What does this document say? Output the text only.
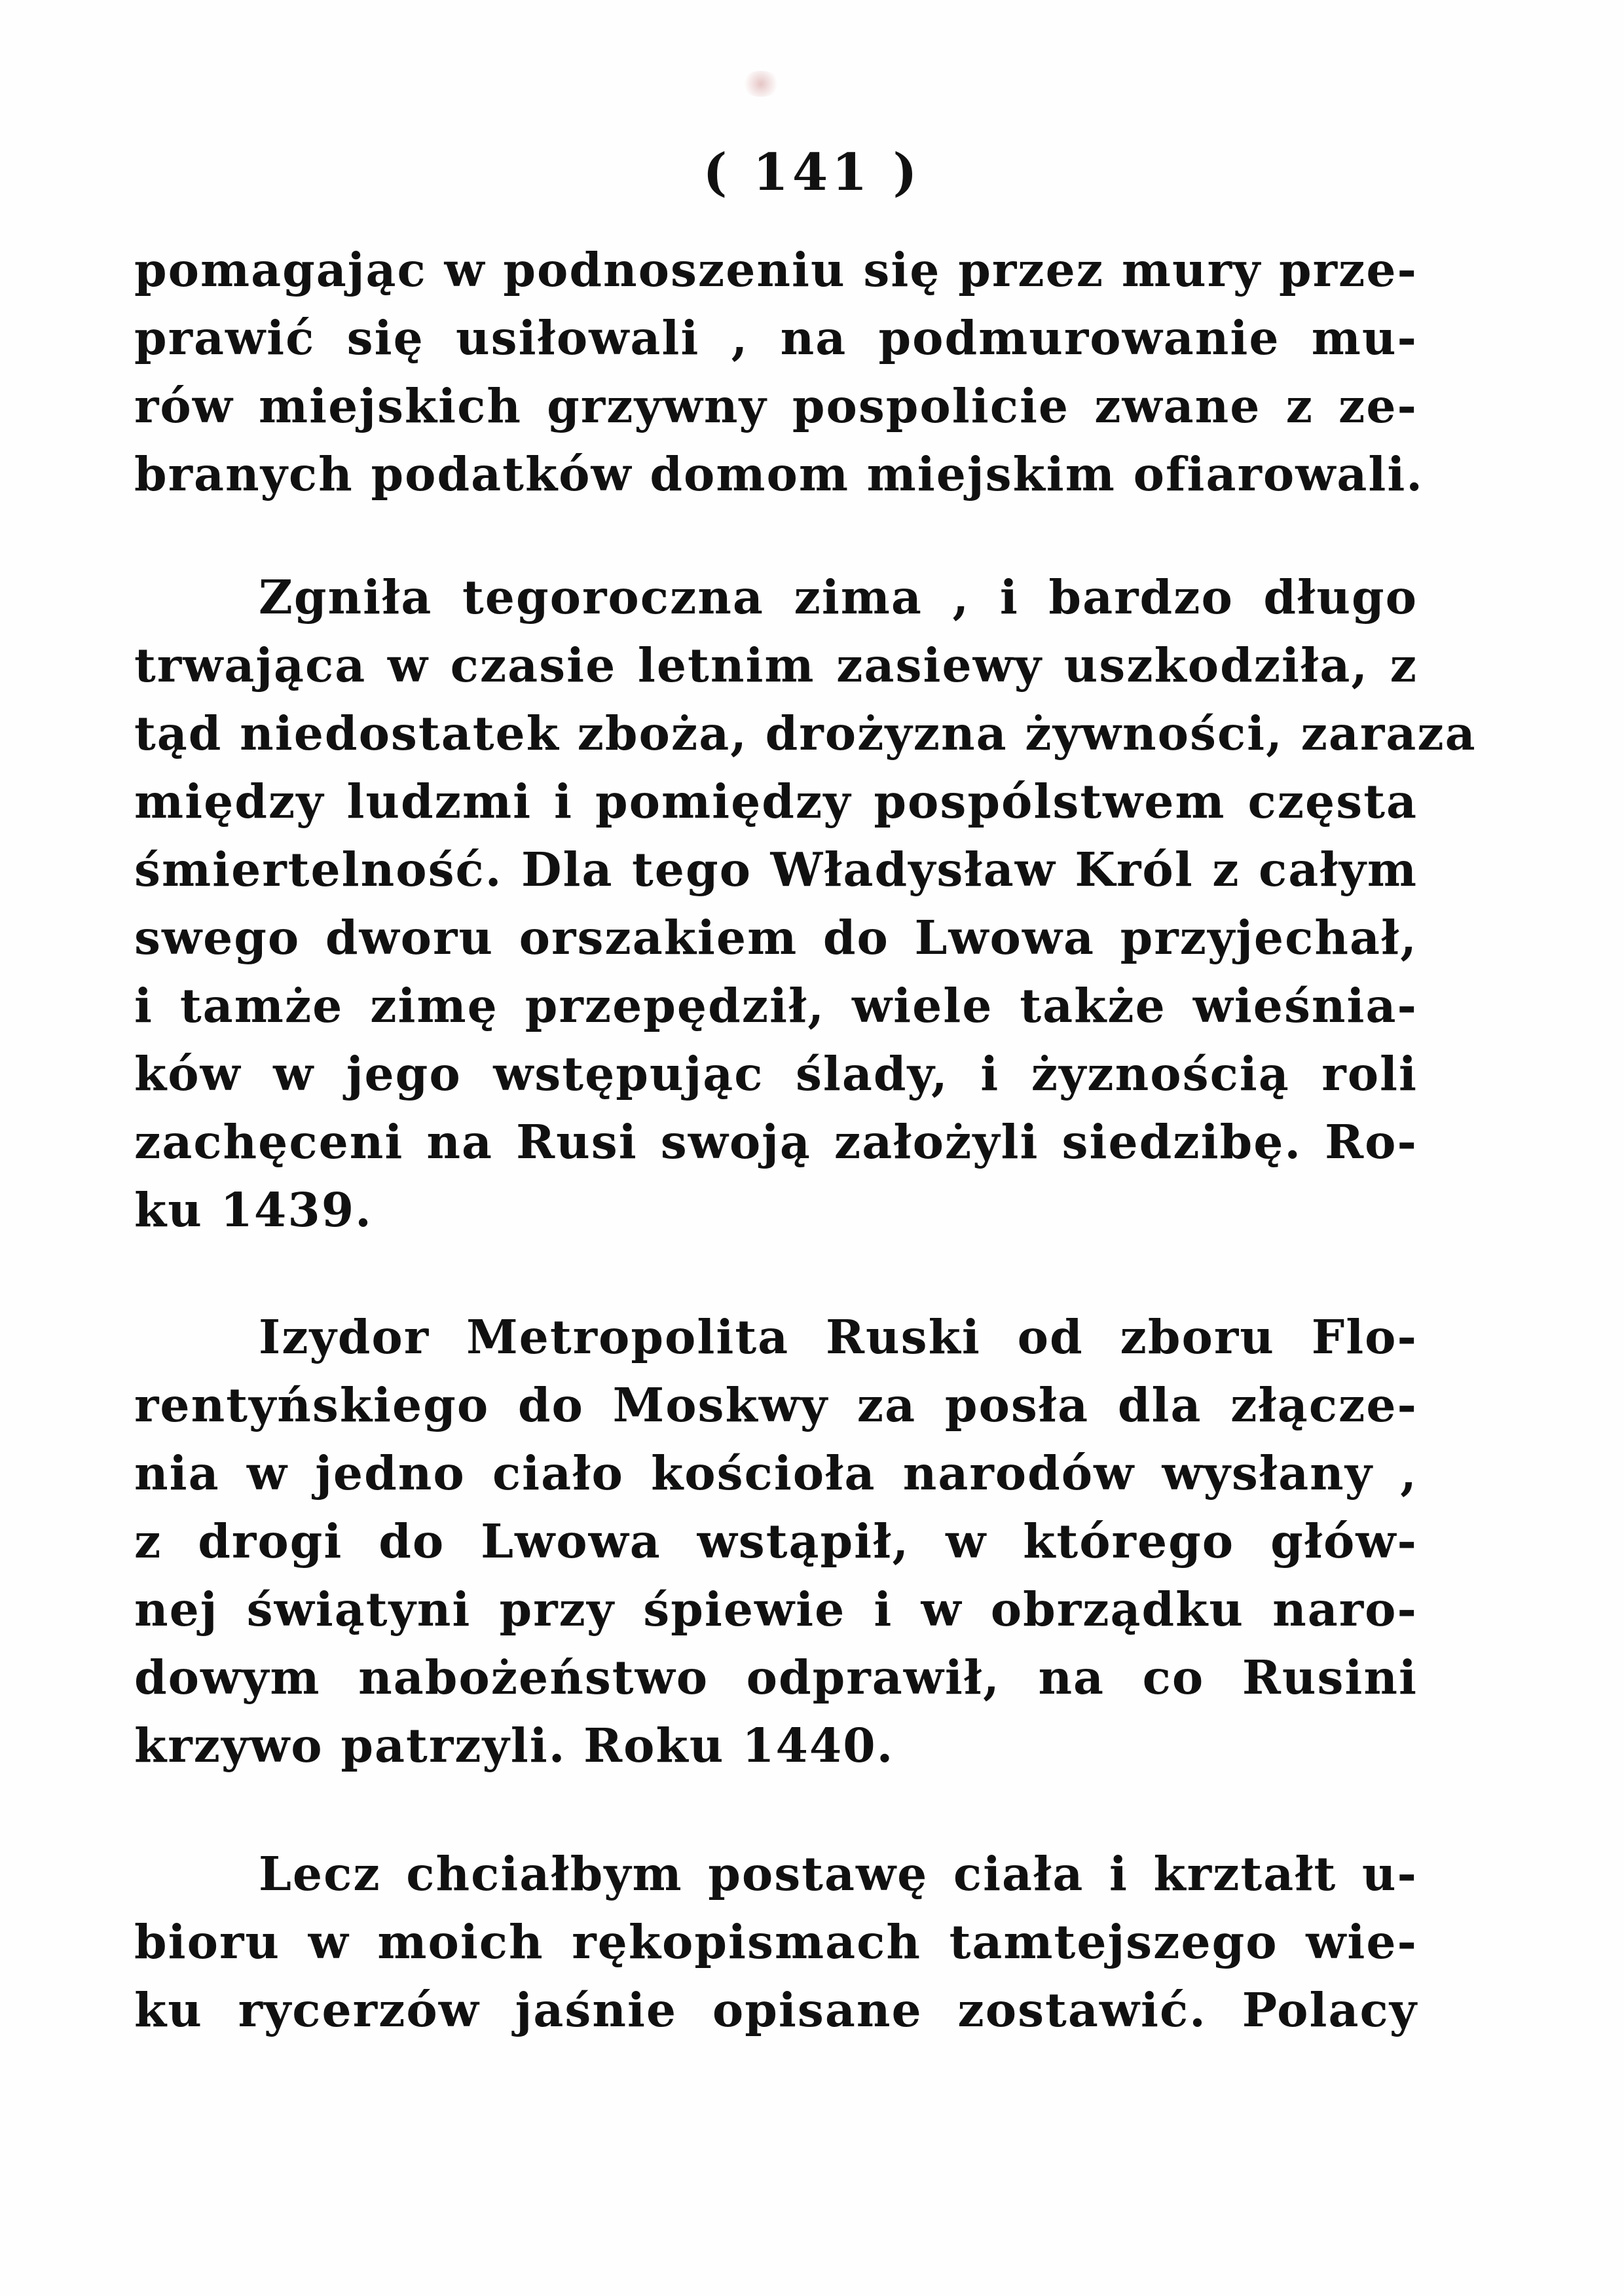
( 141 )
pomagając w podnoszeniu się przez mury prze-
prawić się usiłowali , na podmurowanie mu-
rów miejskich grzywny pospolicie zwane z ze-
branych podatków domom miejskim ofiarowali.
Zgniła tegoroczna zima , i bardzo długo
trwająca w czasie letnim zasiewy uszkodziła, z
tąd niedostatek zboża, drożyzna żywności, zaraza
między ludzmi i pomiędzy pospólstwem częsta
śmiertelność. Dla tego Władysław Król z całym
swego dworu orszakiem do Lwowa przyjechał,
i tamże zimę przepędził, wiele także wieśnia-
ków w jego wstępując ślady, i żyznością roli
zachęceni na Rusi swoją założyli siedzibę. Ro-
ku 1439.
Izydor Metropolita Ruski od zboru Flo-
rentyńskiego do Moskwy za posła dla złącze-
nia w jedno ciało kościoła narodów wysłany ,
z drogi do Lwowa wstąpił, w którego głów-
nej świątyni przy śpiewie i w obrządku naro-
dowym nabożeństwo odprawił, na co Rusini
krzywo patrzyli. Roku 1440.
Lecz chciałbym postawę ciała i krztałt u-
bioru w moich rękopismach tamtejszego wie-
ku rycerzów jaśnie opisane zostawić. Polacy
